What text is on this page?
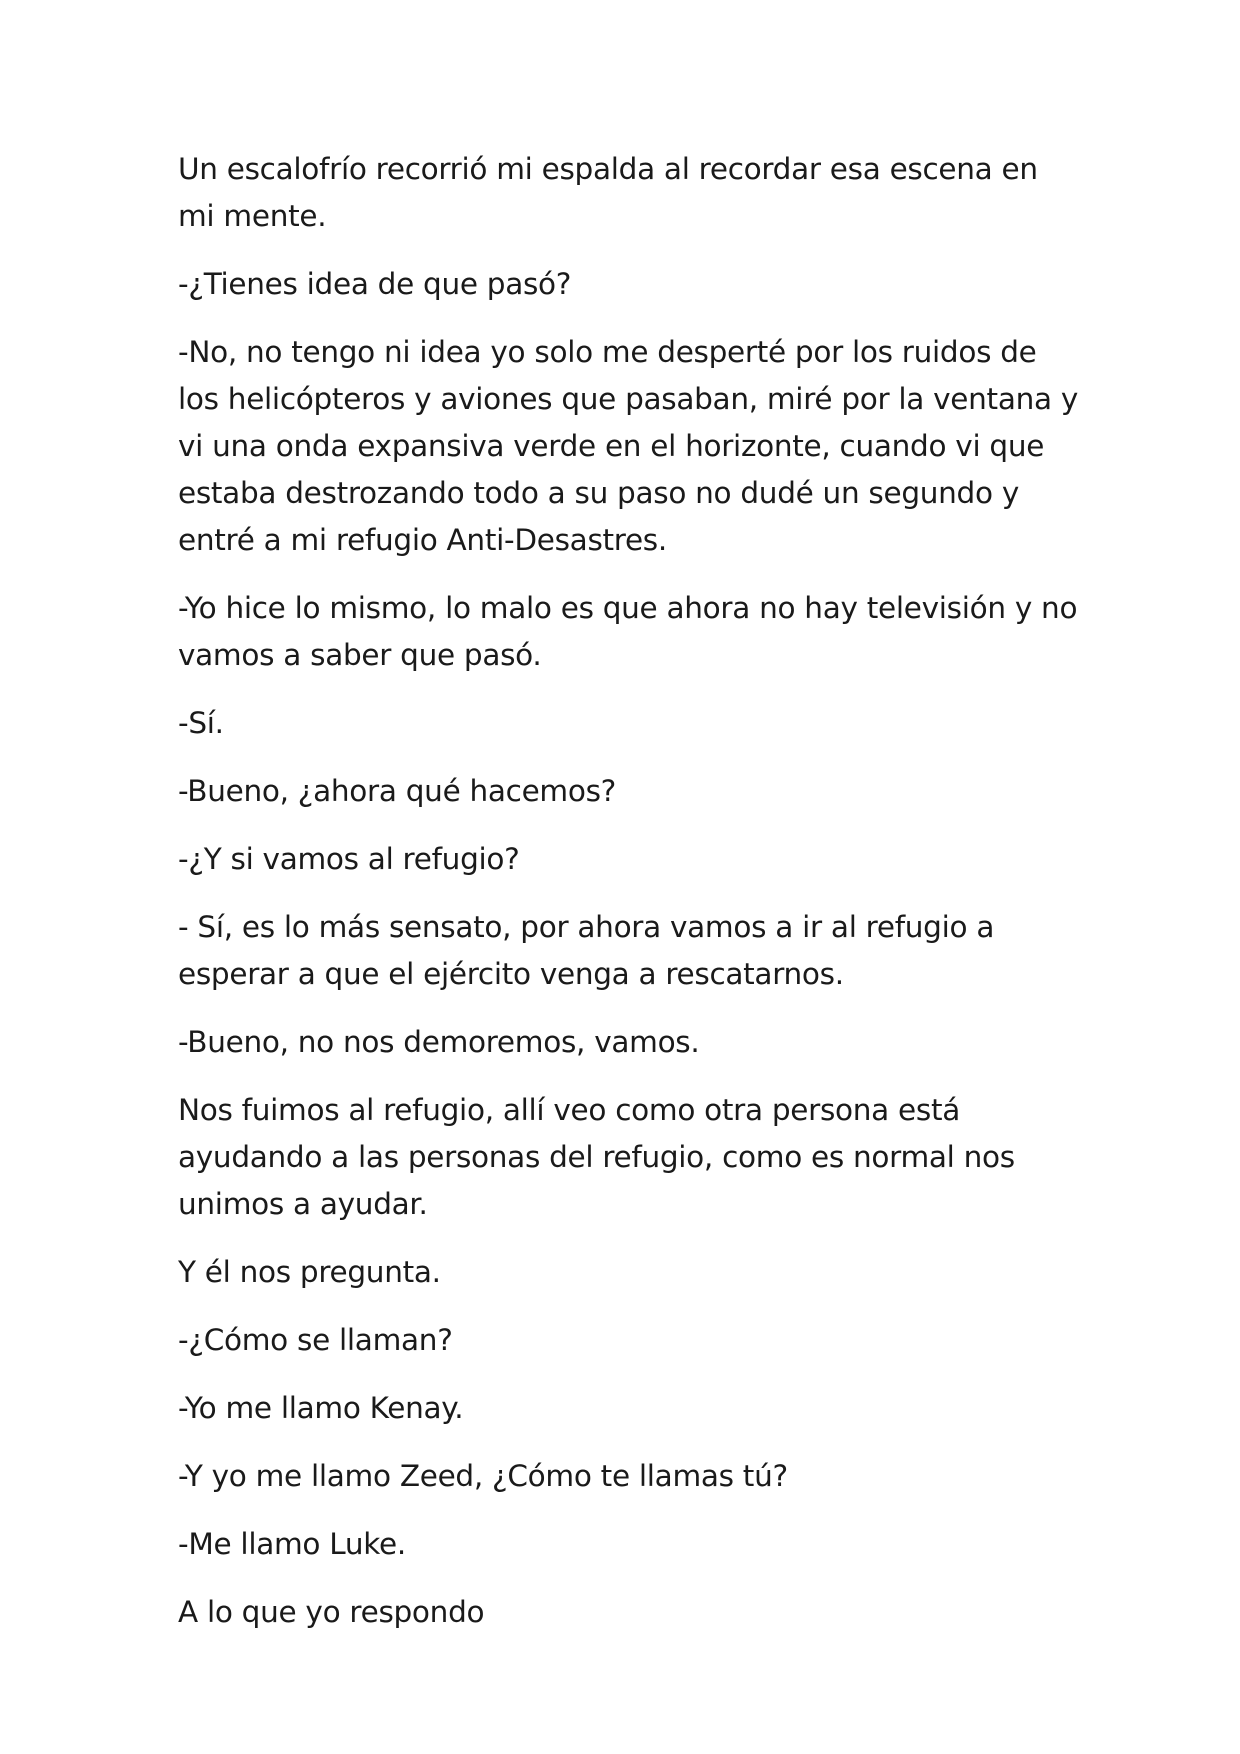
Un escalofrío recorrió mi espalda al recordar esa escena en mi mente.

-¿Tienes idea de que pasó?

-No, no tengo ni idea yo solo me desperté por los ruidos de los helicópteros y aviones que pasaban, miré por la ventana y vi una onda expansiva verde en el horizonte, cuando vi que estaba destrozando todo a su paso no dudé un segundo y entré a mi refugio Anti-Desastres.

-Yo hice lo mismo, lo malo es que ahora no hay televisión y no vamos a saber que pasó.

-Sí.

-Bueno, ¿ahora qué hacemos?

-¿Y si vamos al refugio?

- Sí, es lo más sensato, por ahora vamos a ir al refugio a esperar a que el ejército venga a rescatarnos.

-Bueno, no nos demoremos, vamos.

Nos fuimos al refugio, allí veo como otra persona está ayudando a las personas del refugio, como es normal nos unimos a ayudar.

Y él nos pregunta.

-¿Cómo se llaman?

-Yo me llamo Kenay.

-Y yo me llamo Zeed, ¿Cómo te llamas tú?

-Me llamo Luke.

A lo que yo respondo
